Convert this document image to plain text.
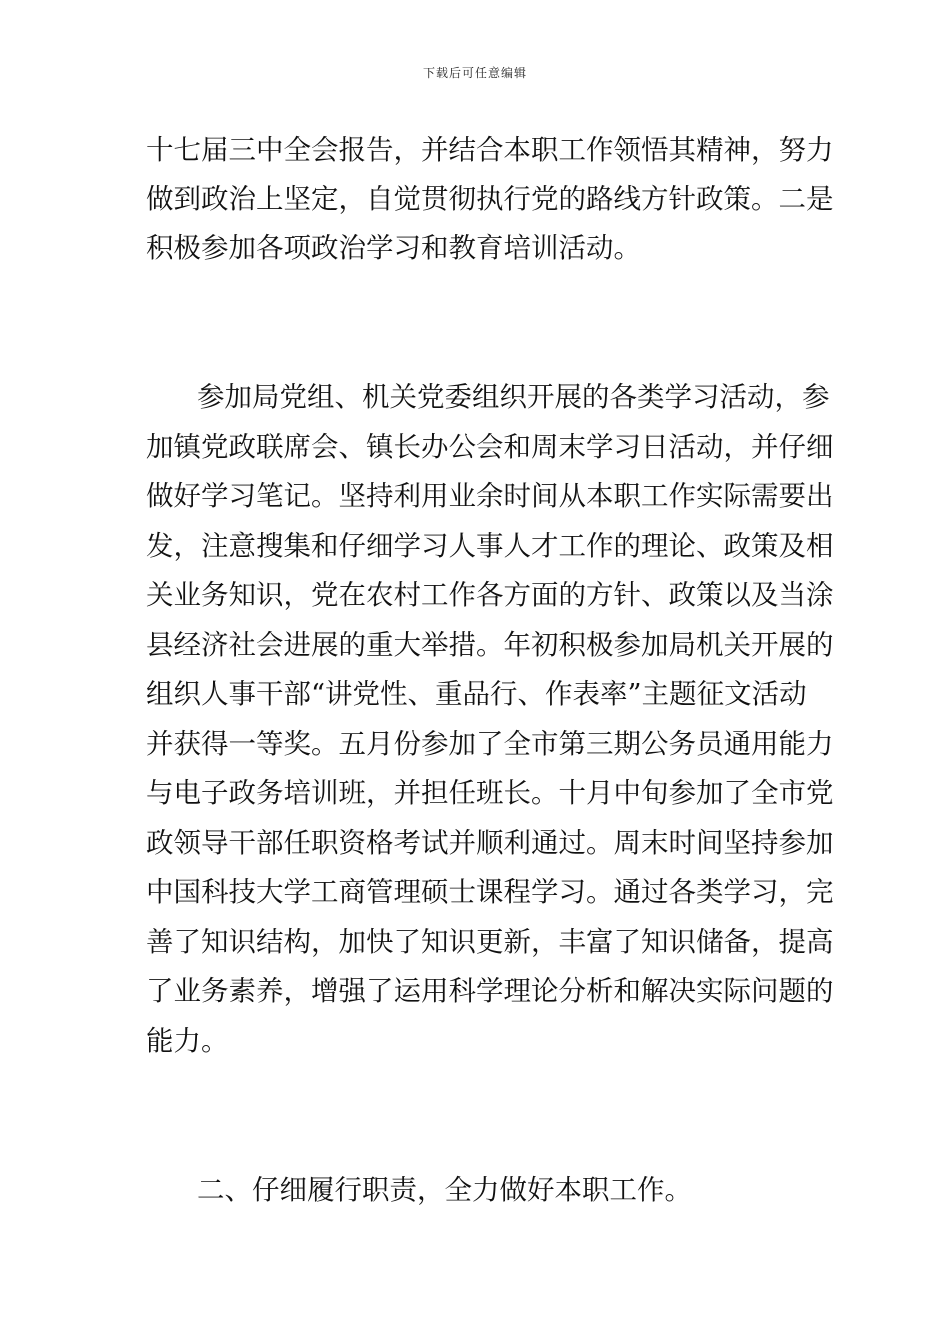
下载后可任意编辑
十七届三中全会报告，并结合本职工作领悟其精神，努力
做到政治上坚定，自觉贯彻执行党的路线方针政策。二是
积极参加各项政治学习和教育培训活动。
参加局党组、机关党委组织开展的各类学习活动，参
加镇党政联席会、镇长办公会和周末学习日活动，并仔细
做好学习笔记。坚持利用业余时间从本职工作实际需要出
发，注意搜集和仔细学习人事人才工作的理论、政策及相
关业务知识，党在农村工作各方面的方针、政策以及当涂
县经济社会进展的重大举措。年初积极参加局机关开展的
组织人事干部“讲党性、重品行、作表率”主题征文活动
并获得一等奖。五月份参加了全市第三期公务员通用能力
与电子政务培训班，并担任班长。十月中旬参加了全市党
政领导干部任职资格考试并顺利通过。周末时间坚持参加
中国科技大学工商管理硕士课程学习。通过各类学习，完
善了知识结构，加快了知识更新，丰富了知识储备，提高
了业务素养，增强了运用科学理论分析和解决实际问题的
能力。
二、仔细履行职责，全力做好本职工作。
